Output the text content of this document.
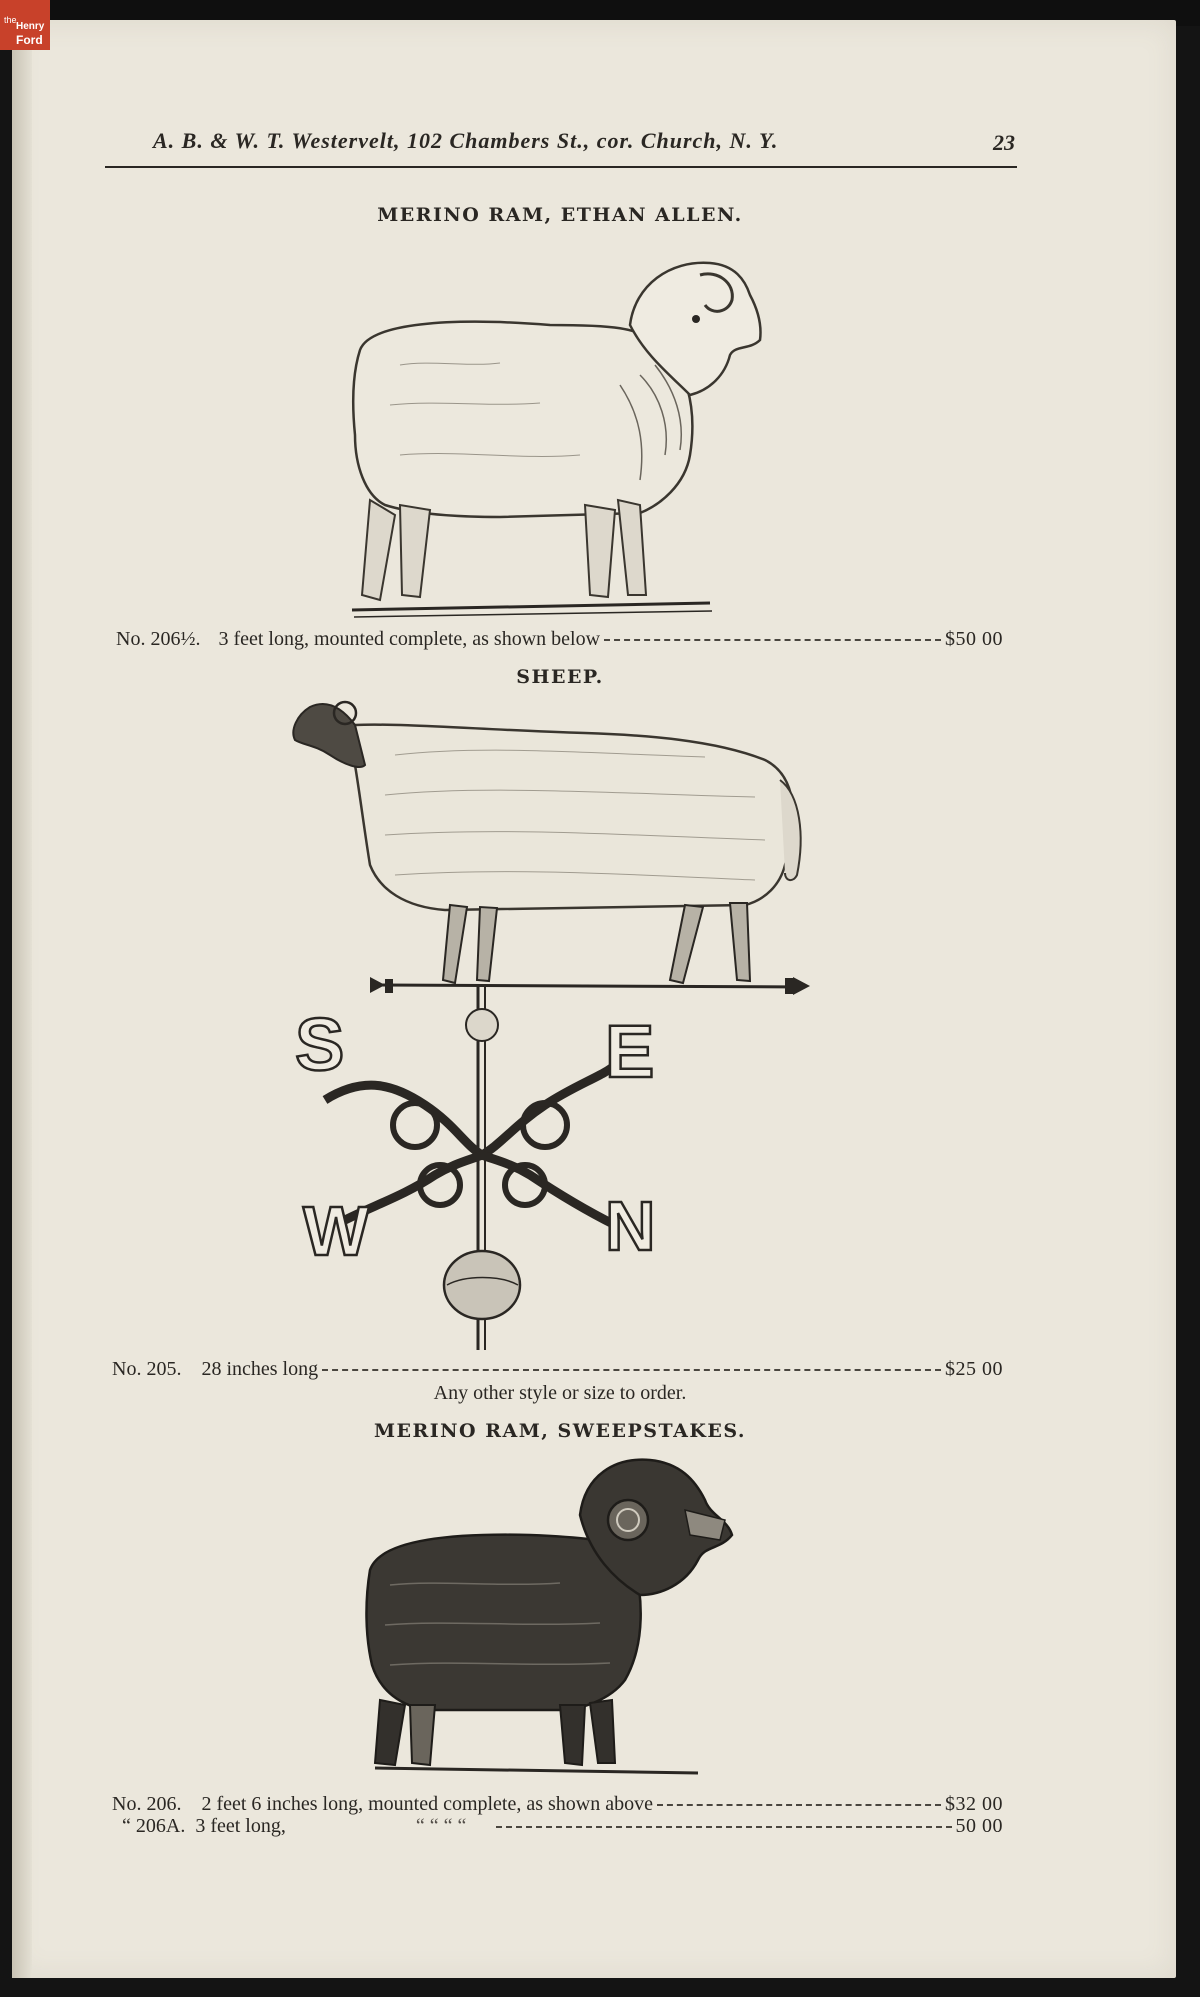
the
Henry
Ford
A. B. & W. T. Westervelt, 102 Chambers St., cor. Church, N. Y.	23
MERINO RAM, ETHAN ALLEN.
No. 206½. 3 feet long, mounted complete, as shown below	$50 00
SHEEP.
S	E
W	N
No. 205. 28 inches long	$25 00
Any other style or size to order.
MERINO RAM, SWEEPSTAKES.
No. 206. 2 feet 6 inches long, mounted complete, as shown above	$32 00
“ 206A. 3 feet long,	“ “ “ “	50 00
